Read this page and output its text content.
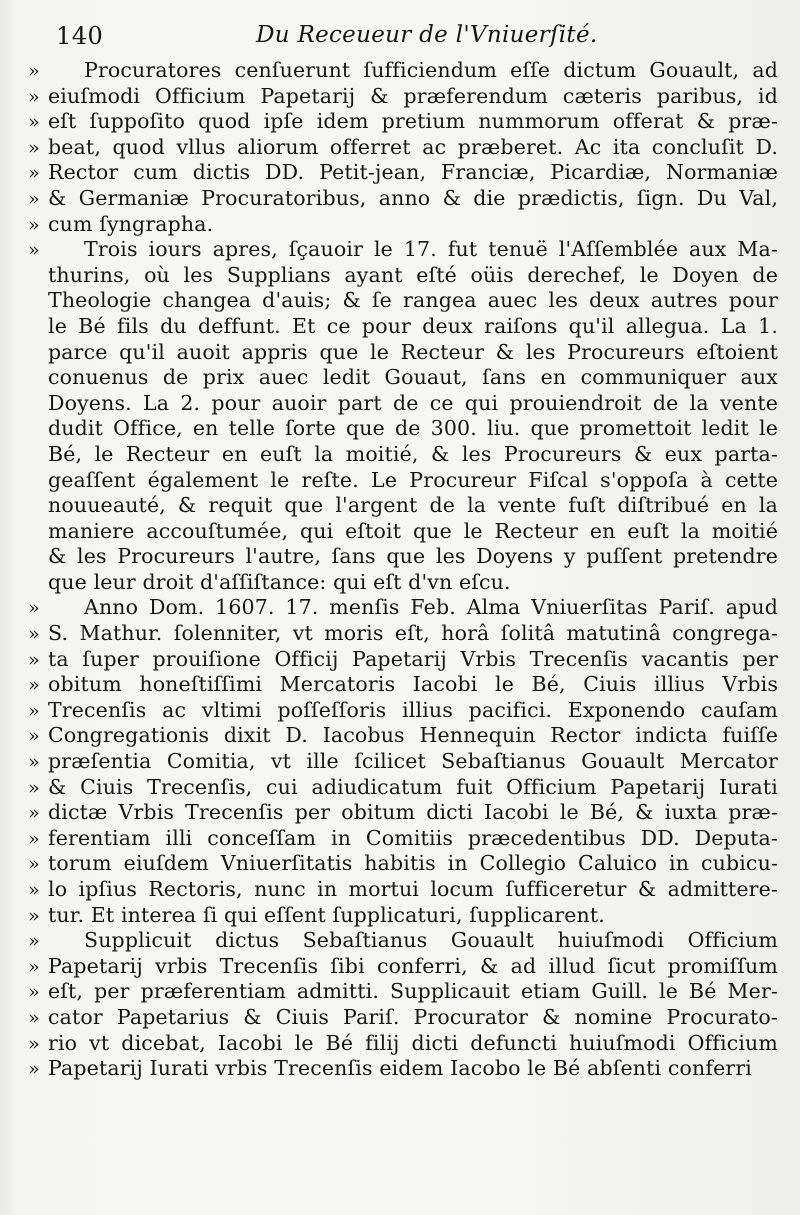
140	Du Receueur de l'Vniuerſité.
»	Procuratores cenſuerunt ſufficiendum eſſe dictum Gouault, ad
» eiuſmodi Officium Papetarij & præferendum cæteris paribus, id
» eſt ſuppoſito quod ipſe idem pretium nummorum offerat & præ-
» beat, quod vllus aliorum offerret ac præberet. Ac ita concluſit D.
» Rector cum dictis DD. Petit-jean, Franciæ, Picardiæ, Normaniæ
» & Germaniæ Procuratoribus, anno & die prædictis, ſign. Du Val,
» cum ſyngrapha.
»	Trois iours apres, ſçauoir le 17. fut tenuë l'Aſſemblée aux Ma-
thurins, où les Supplians ayant eſté oüis derechef, le Doyen de
Theologie changea d'auis; & ſe rangea auec les deux autres pour
le Bé fils du deffunt. Et ce pour deux raiſons qu'il allegua. La 1.
parce qu'il auoit appris que le Recteur & les Procureurs eſtoient
conuenus de prix auec ledit Gouaut, ſans en communiquer aux
Doyens. La 2. pour auoir part de ce qui prouiendroit de la vente
dudit Office, en telle ſorte que de 300. liu. que promettoit ledit le
Bé, le Recteur en euſt la moitié, & les Procureurs & eux parta-
geaſſent également le reſte. Le Procureur Fiſcal s'oppoſa à cette
nouueauté, & requit que l'argent de la vente fuſt diſtribué en la
maniere accouſtumée, qui eſtoit que le Recteur en euſt la moitié
& les Procureurs l'autre, ſans que les Doyens y puſſent pretendre
que leur droit d'aſſiſtance: qui eſt d'vn eſcu.
»	Anno Dom. 1607. 17. menſis Feb. Alma Vniuerſitas Pariſ. apud
» S. Mathur. ſolenniter, vt moris eſt, horâ ſolitâ matutinâ congrega-
» ta ſuper prouiſione Officij Papetarij Vrbis Trecenſis vacantis per
» obitum honeſtiſſimi Mercatoris Iacobi le Bé, Ciuis illius Vrbis
» Trecenſis ac vltimi poſſeſſoris illius pacifici. Exponendo cauſam
» Congregationis dixit D. Iacobus Hennequin Rector indicta fuiſſe
» præſentia Comitia, vt ille ſcilicet Sebaſtianus Gouault Mercator
» & Ciuis Trecenſis, cui adiudicatum fuit Officium Papetarij Iurati
» dictæ Vrbis Trecenſis per obitum dicti Iacobi le Bé, & iuxta præ-
» ferentiam illi conceſſam in Comitiis præcedentibus DD. Deputa-
» torum eiuſdem Vniuerſitatis habitis in Collegio Caluico in cubicu-
» lo ipſius Rectoris, nunc in mortui locum ſufficeretur & admittere-
» tur. Et interea ſi qui eſſent ſupplicaturi, ſupplicarent.
»	Supplicuit dictus Sebaſtianus Gouault huiuſmodi Officium
» Papetarij vrbis Trecenſis ſibi conferri, & ad illud ſicut promiſſum
» eſt, per præferentiam admitti. Supplicauit etiam Guill. le Bé Mer-
» cator Papetarius & Ciuis Pariſ. Procurator & nomine Procurato-
» rio vt dicebat, Iacobi le Bé filij dicti defuncti huiuſmodi Officium
» Papetarij Iurati vrbis Trecenſis eidem Iacobo le Bé abſenti conferri
